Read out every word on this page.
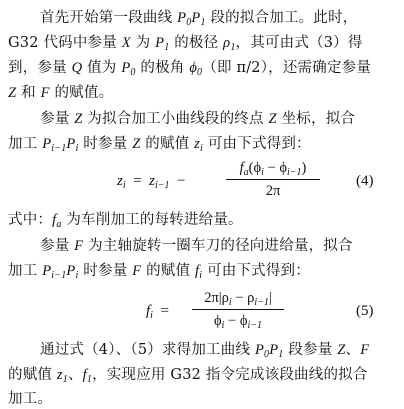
首先开始第一段曲线 $P_0P_1$ 段的拟合加工。此时，
G32 代码中参量 X 为 $P_1$ 的极径 $\rho_1$，其可由式（3）得
到，参量 Q 值为 $P_0$ 的极角 $\phi_0$（即 π/2），还需确定参量
Z 和 F 的赋值。
参量 Z 为拟合加工小曲线段的终点 Z 坐标，拟合
加工 $P_{i-1}P_i$ 时参量 Z 的赋值 $z_i$ 可由下式得到：
$z_i = z_{i-1}$ −	$\frac{f_a(\phi_i - \phi_{i-1})}{2\pi} (4)$
式中：$f_a$ 为车削加工的每转进给量。
参量 F 为主轴旋转一圈车刀的径向进给量，拟合
加工 $P_{i-1}P_i$ 时参量 F 的赋值 $f_i$ 可由下式得到：
$f_i = \frac{2\pi|\rho_i - \rho_{i-1}|}{\phi_i - \phi_{i-1}}$	(5)
通过式（4）、（5）求得加工曲线 $P_0P_1$ 段参量 Z、F
的赋值 $z_1$、$f_1$，实现应用 G32 指令完成该段曲线的拟合
加工。
